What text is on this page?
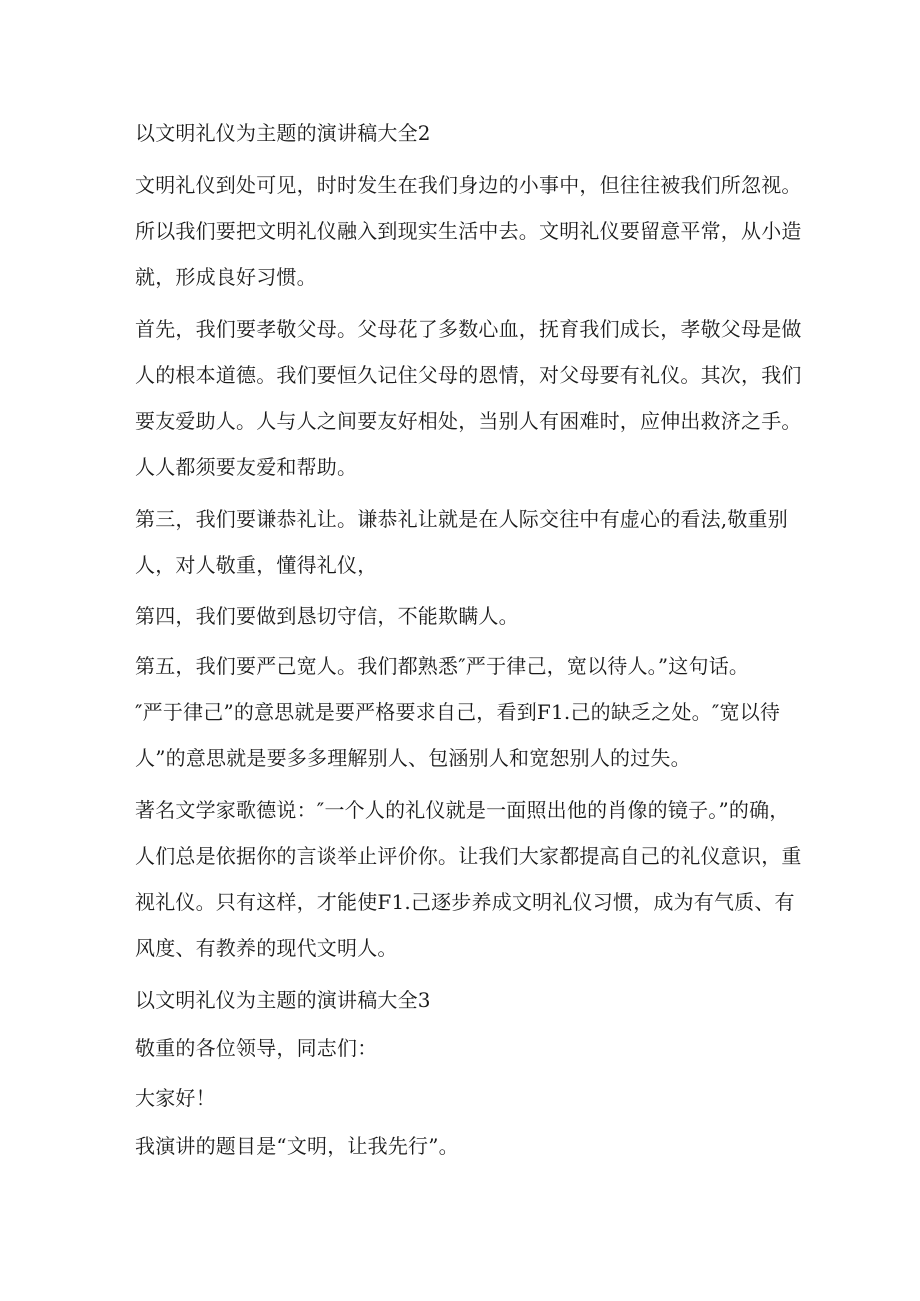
以文明礼仪为主题的演讲稿大全2
文明礼仪到处可见，时时发生在我们身边的小事中，但往往被我们所忽视。
所以我们要把文明礼仪融入到现实生活中去。文明礼仪要留意平常，从小造
就，形成良好习惯。
首先，我们要孝敬父母。父母花了多数心血，抚育我们成长，孝敬父母是做
人的根本道德。我们要恒久记住父母的恩情，对父母要有礼仪。其次，我们
要友爱助人。人与人之间要友好相处，当别人有困难时，应伸出救济之手。
人人都须要友爱和帮助。
第三，我们要谦恭礼让。谦恭礼让就是在人际交往中有虚心的看法,敬重别
人，对人敬重，懂得礼仪，
第四，我们要做到恳切守信，不能欺瞒人。
第五，我们要严己宽人。我们都熟悉″严于律己，宽以待人。”这句话。
″严于律己”的意思就是要严格要求自己，看到F1.己的缺乏之处。″宽以待
人”的意思就是要多多理解别人、包涵别人和宽恕别人的过失。
著名文学家歌德说：″一个人的礼仪就是一面照出他的肖像的镜子。”的确，
人们总是依据你的言谈举止评价你。让我们大家都提高自己的礼仪意识，重
视礼仪。只有这样，才能使F1.己逐步养成文明礼仪习惯，成为有气质、有
风度、有教养的现代文明人。
以文明礼仪为主题的演讲稿大全3
敬重的各位领导，同志们：
大家好！
我演讲的题目是“文明，让我先行”。
